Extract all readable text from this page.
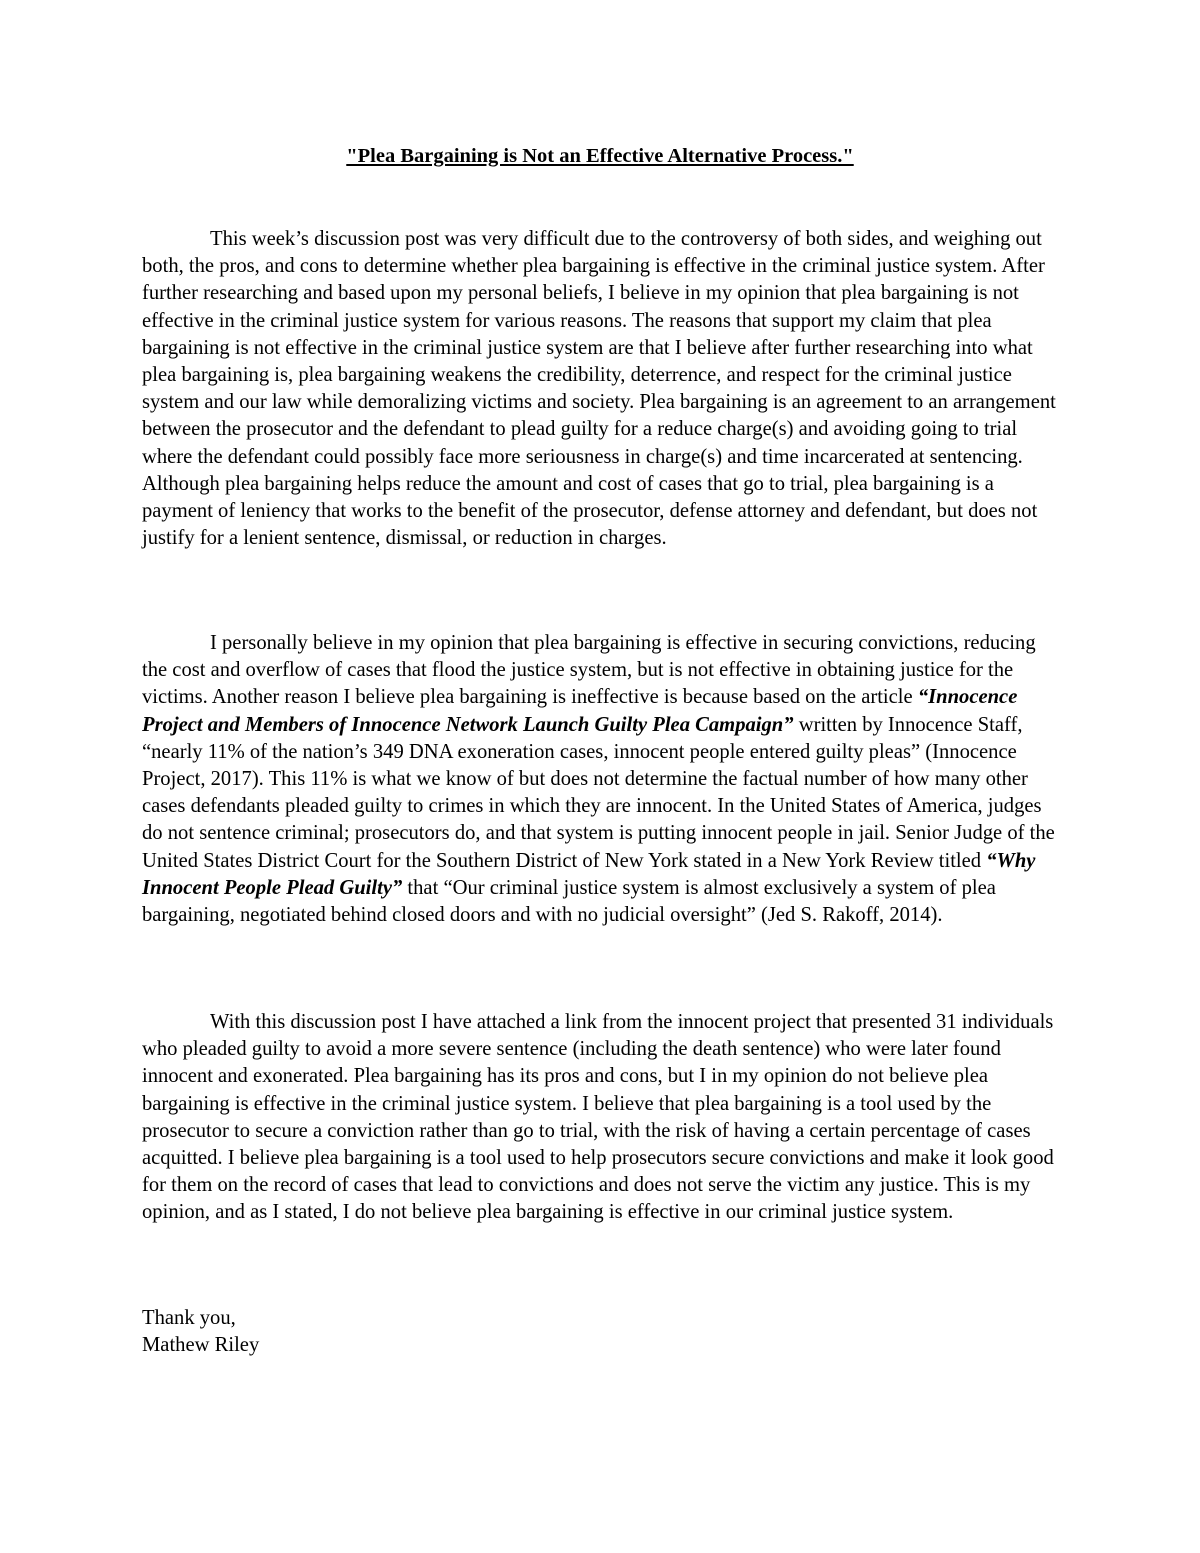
"Plea Bargaining is Not an Effective Alternative Process."

This week’s discussion post was very difficult due to the controversy of both sides, and weighing out both, the pros, and cons to determine whether plea bargaining is effective in the criminal justice system. After further researching and based upon my personal beliefs, I believe in my opinion that plea bargaining is not effective in the criminal justice system for various reasons. The reasons that support my claim that plea bargaining is not effective in the criminal justice system are that I believe after further researching into what plea bargaining is, plea bargaining weakens the credibility, deterrence, and respect for the criminal justice system and our law while demoralizing victims and society. Plea bargaining is an agreement to an arrangement between the prosecutor and the defendant to plead guilty for a reduce charge(s) and avoiding going to trial where the defendant could possibly face more seriousness in charge(s) and time incarcerated at sentencing. Although plea bargaining helps reduce the amount and cost of cases that go to trial, plea bargaining is a payment of leniency that works to the benefit of the prosecutor, defense attorney and defendant, but does not justify for a lenient sentence, dismissal, or reduction in charges.

I personally believe in my opinion that plea bargaining is effective in securing convictions, reducing the cost and overflow of cases that flood the justice system, but is not effective in obtaining justice for the victims. Another reason I believe plea bargaining is ineffective is because based on the article “Innocence Project and Members of Innocence Network Launch Guilty Plea Campaign” written by Innocence Staff, “nearly 11% of the nation’s 349 DNA exoneration cases, innocent people entered guilty pleas” (Innocence Project, 2017). This 11% is what we know of but does not determine the factual number of how many other cases defendants pleaded guilty to crimes in which they are innocent. In the United States of America, judges do not sentence criminal; prosecutors do, and that system is putting innocent people in jail. Senior Judge of the United States District Court for the Southern District of New York stated in a New York Review titled “Why Innocent People Plead Guilty” that “Our criminal justice system is almost exclusively a system of plea bargaining, negotiated behind closed doors and with no judicial oversight” (Jed S. Rakoff, 2014).

With this discussion post I have attached a link from the innocent project that presented 31 individuals who pleaded guilty to avoid a more severe sentence (including the death sentence) who were later found innocent and exonerated. Plea bargaining has its pros and cons, but I in my opinion do not believe plea bargaining is effective in the criminal justice system. I believe that plea bargaining is a tool used by the prosecutor to secure a conviction rather than go to trial, with the risk of having a certain percentage of cases acquitted. I believe plea bargaining is a tool used to help prosecutors secure convictions and make it look good for them on the record of cases that lead to convictions and does not serve the victim any justice. This is my opinion, and as I stated, I do not believe plea bargaining is effective in our criminal justice system.

Thank you,
Mathew Riley
